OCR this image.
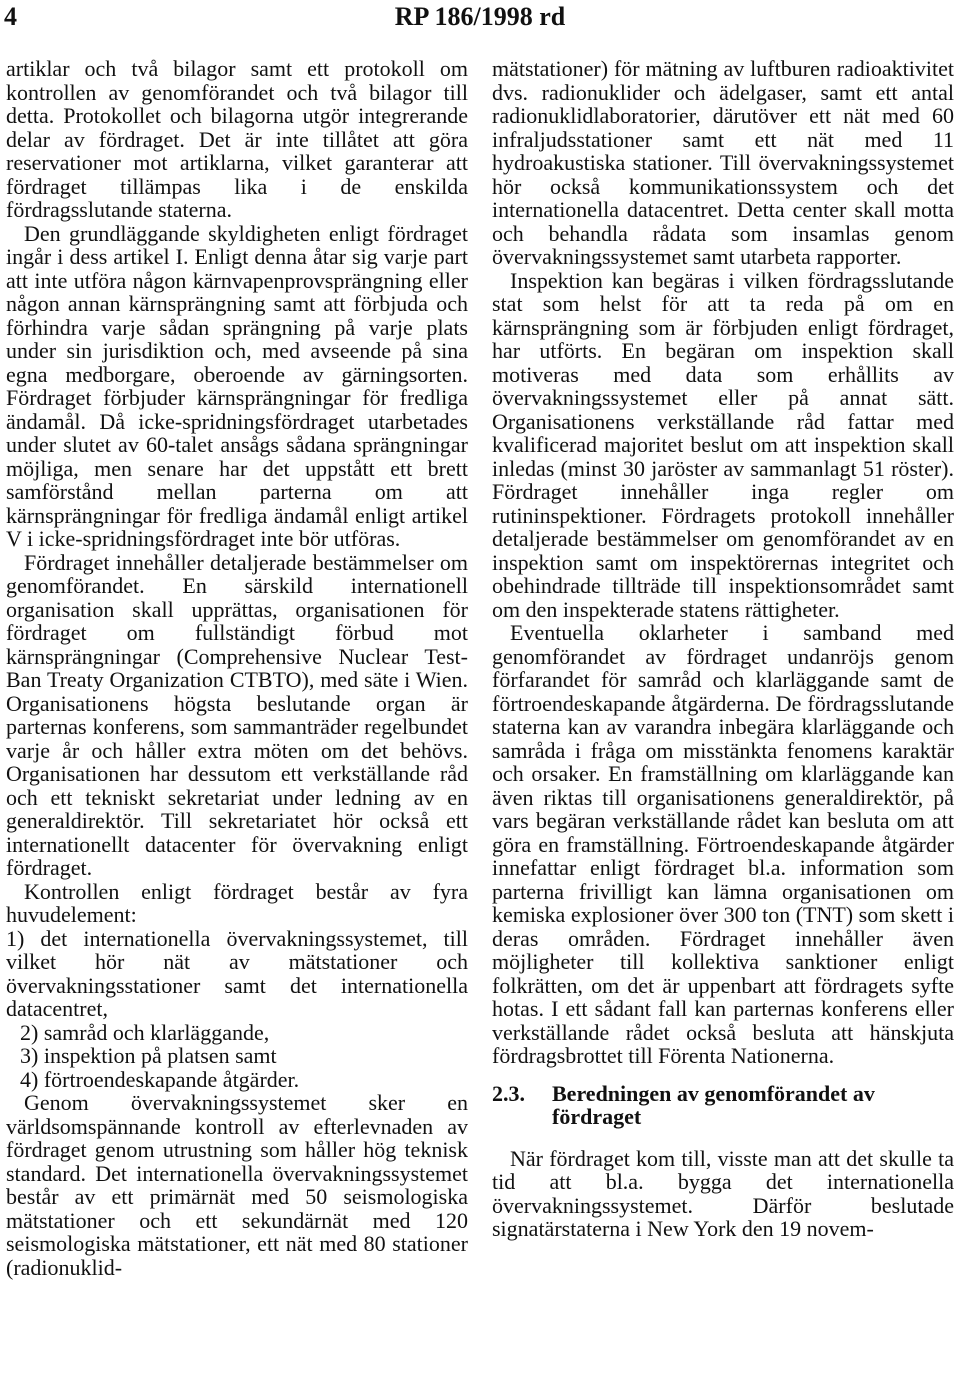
4	RP 186/1998 rd

artiklar och två bilagor samt ett protokoll om kontrollen av genomförandet och två bilagor till detta. Protokollet och bilagorna utgör integrerande delar av fördraget. Det är inte tillåtet att göra reservationer mot artiklarna, vilket garanterar att fördraget tillämpas lika i de enskilda fördragsslutande staterna.

Den grundläggande skyldigheten enligt fördraget ingår i dess artikel I. Enligt denna åtar sig varje part att inte utföra någon kärnvapenprovsprängning eller någon annan kärnsprängning samt att förbjuda och förhindra varje sådan sprängning på varje plats under sin jurisdiktion och, med avseende på sina egna medborgare, oberoende av gärningsorten. Fördraget förbjuder kärnsprängningar för fredliga ändamål. Då icke-spridningsfördraget utarbetades under slutet av 60-talet ansågs sådana sprängningar möjliga, men senare har det uppstått ett brett samförstånd mellan parterna om att kärnsprängningar för fredliga ändamål enligt artikel V i icke-spridningsfördraget inte bör utföras.

Fördraget innehåller detaljerade bestämmelser om genomförandet. En särskild internationell organisation skall upprättas, organisationen för fördraget om fullständigt förbud mot kärnsprängningar (Comprehensive Nuclear Test-Ban Treaty Organization CTBTO), med säte i Wien. Organisationens högsta beslutande organ är parternas konferens, som sammanträder regelbundet varje år och håller extra möten om det behövs. Organisationen har dessutom ett verkställande råd och ett tekniskt sekretariat under ledning av en generaldirektör. Till sekretariatet hör också ett internationellt datacenter för övervakning enligt fördraget.

Kontrollen enligt fördraget består av fyra huvudelement:

1) det internationella övervakningssystemet, till vilket hör nät av mätstationer och övervakningsstationer samt det internationella datacentret,

2) samråd och klarläggande,

3) inspektion på platsen samt

4) förtroendeskapande åtgärder.

Genom övervakningssystemet sker en världsomspännande kontroll av efterlevnaden av fördraget genom utrustning som håller hög teknisk standard. Det internationella övervakningssystemet består av ett primärnät med 50 seismologiska mätstationer och ett sekundärnät med 120 seismologiska mätstationer, ett nät med 80 stationer (radionuklid-

mätstationer) för mätning av luftburen radioaktivitet dvs. radionuklider och ädelgaser, samt ett antal radionuklidlaboratorier, därutöver ett nät med 60 infraljudsstationer samt ett nät med 11 hydroakustiska stationer. Till övervakningssystemet hör också kommunikationssystem och det internationella datacentret. Detta center skall motta och behandla rådata som insamlas genom övervakningssystemet samt utarbeta rapporter.

Inspektion kan begäras i vilken fördragsslutande stat som helst för att ta reda på om en kärnsprängning som är förbjuden enligt fördraget, har utförts. En begäran om inspektion skall motiveras med data som erhållits av övervakningssystemet eller på annat sätt. Organisationens verkställande råd fattar med kvalificerad majoritet beslut om att inspektion skall inledas (minst 30 jaröster av sammanlagt 51 röster). Fördraget innehåller inga regler om rutininspektioner. Fördragets protokoll innehåller detaljerade bestämmelser om genomförandet av en inspektion samt om inspektörernas integritet och obehindrade tillträde till inspektionsområdet samt om den inspekterade statens rättigheter.

Eventuella oklarheter i samband med genomförandet av fördraget undanröjs genom förfarandet för samråd och klarläggande samt de förtroendeskapande åtgärderna. De fördragsslutande staterna kan av varandra inbegära klarläggande och samråda i fråga om misstänkta fenomens karaktär och orsaker. En framställning om klarläggande kan även riktas till organisationens generaldirektör, på vars begäran verkställande rådet kan besluta om att göra en framställning. Förtroendeskapande åtgärder innefattar enligt fördraget bl.a. information som parterna frivilligt kan lämna organisationen om kemiska explosioner över 300 ton (TNT) som skett i deras områden. Fördraget innehåller även möjligheter till kollektiva sanktioner enligt folkrätten, om det är uppenbart att fördragets syfte hotas. I ett sådant fall kan parternas konferens eller verkställande rådet också besluta att hänskjuta fördragsbrottet till Förenta Nationerna.

2.3.	Beredningen av genomförandet av fördraget

När fördraget kom till, visste man att det skulle ta tid att bl.a. bygga det internationella övervakningssystemet. Därför beslutade signatärstaterna i New York den 19 novem-
